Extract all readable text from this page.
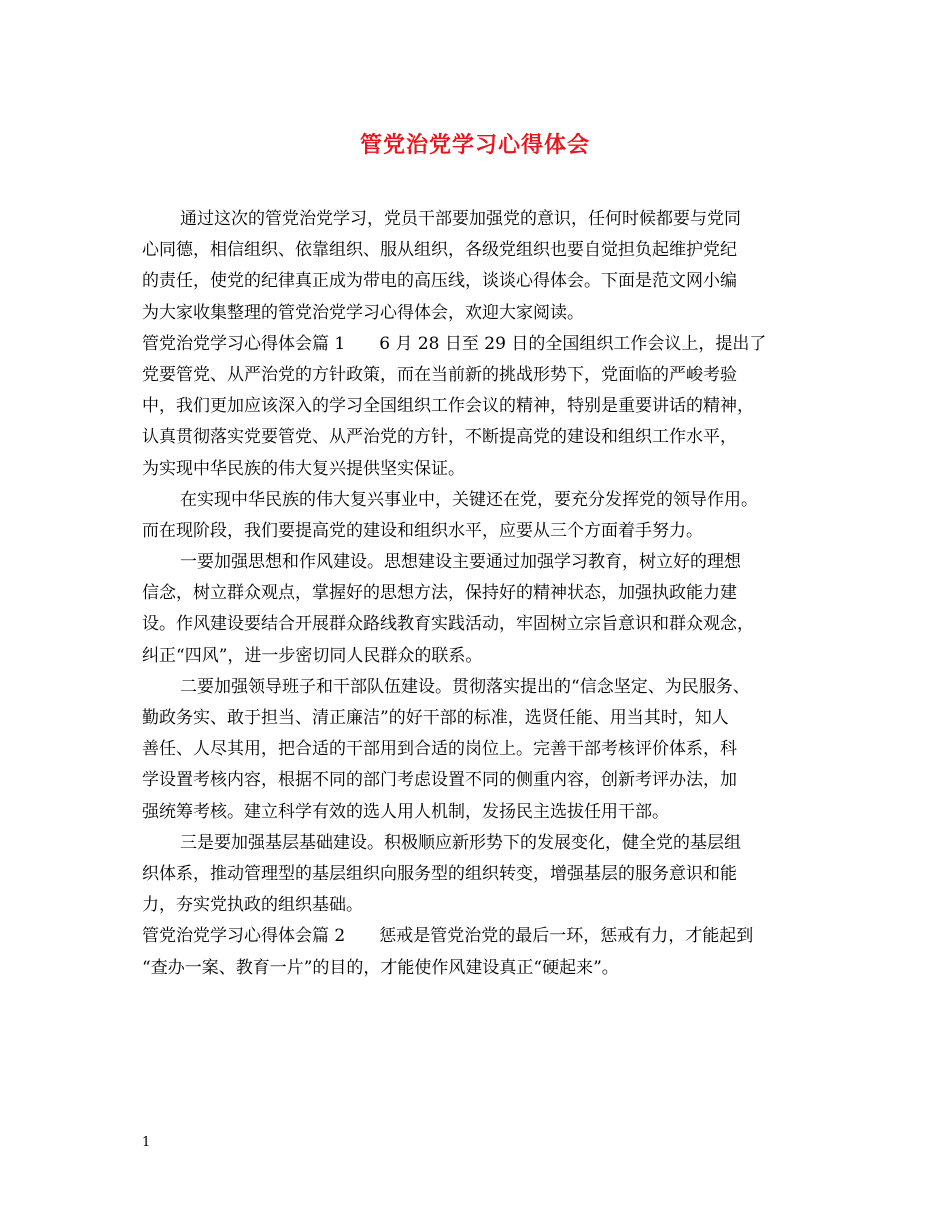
管党治党学习心得体会
通过这次的管党治党学习，党员干部要加强党的意识，任何时候都要与党同
心同德，相信组织、依靠组织、服从组织，各级党组织也要自觉担负起维护党纪
的责任，使党的纪律真正成为带电的高压线，谈谈心得体会。下面是范文网小编
为大家收集整理的管党治党学习心得体会，欢迎大家阅读。
管党治党学习心得体会篇 1 6 月 28 日至 29 日的全国组织工作会议上，提出了
党要管党、从严治党的方针政策，而在当前新的挑战形势下，党面临的严峻考验
中，我们更加应该深入的学习全国组织工作会议的精神，特别是重要讲话的精神，
认真贯彻落实党要管党、从严治党的方针，不断提高党的建设和组织工作水平，
为实现中华民族的伟大复兴提供坚实保证。
在实现中华民族的伟大复兴事业中，关键还在党，要充分发挥党的领导作用。
而在现阶段，我们要提高党的建设和组织水平，应要从三个方面着手努力。
一要加强思想和作风建设。思想建设主要通过加强学习教育，树立好的理想
信念，树立群众观点，掌握好的思想方法，保持好的精神状态，加强执政能力建
设。作风建设要结合开展群众路线教育实践活动，牢固树立宗旨意识和群众观念，
纠正“四风”，进一步密切同人民群众的联系。
二要加强领导班子和干部队伍建设。贯彻落实提出的“信念坚定、为民服务、
勤政务实、敢于担当、清正廉洁”的好干部的标准，选贤任能、用当其时，知人
善任、人尽其用，把合适的干部用到合适的岗位上。完善干部考核评价体系，科
学设置考核内容，根据不同的部门考虑设置不同的侧重内容，创新考评办法，加
强统筹考核。建立科学有效的选人用人机制，发扬民主选拔任用干部。
三是要加强基层基础建设。积极顺应新形势下的发展变化，健全党的基层组
织体系，推动管理型的基层组织向服务型的组织转变，增强基层的服务意识和能
力，夯实党执政的组织基础。
管党治党学习心得体会篇 2 惩戒是管党治党的最后一环，惩戒有力，才能起到
“查办一案、教育一片”的目的，才能使作风建设真正“硬起来”。
1
